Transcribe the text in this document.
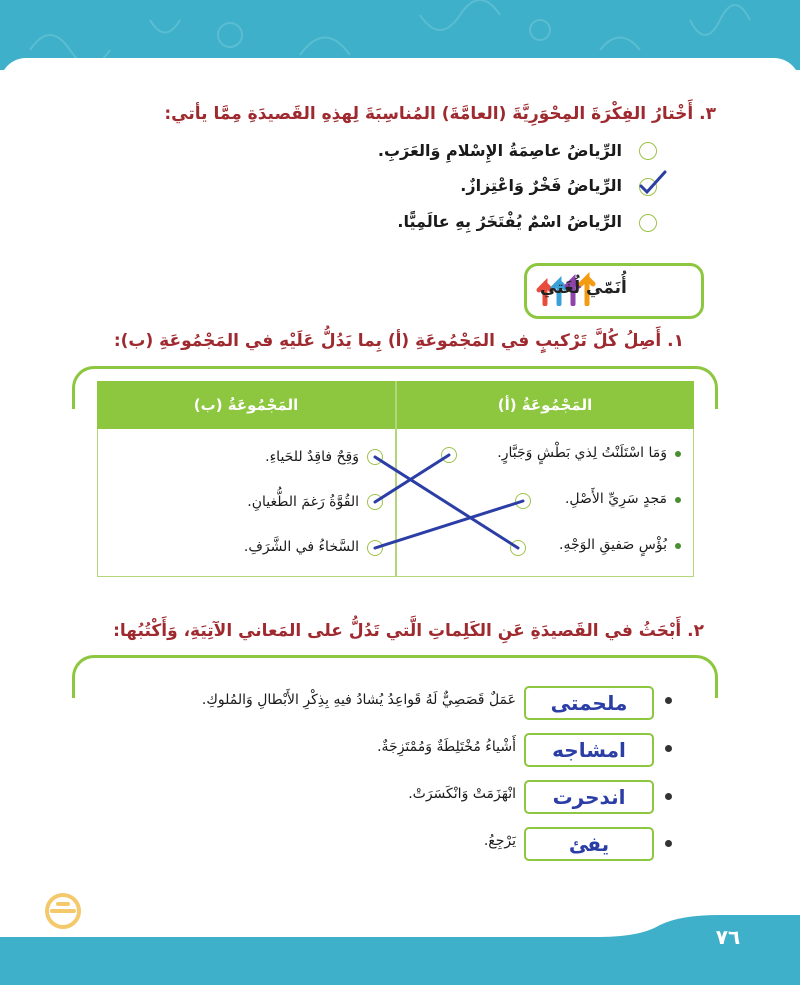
٣. أَخْتارُ الفِكْرَةَ المِحْوَرِيَّةَ (العامَّةَ) المُناسِبَةَ لِهذِهِ القَصيدَةِ مِمَّا يأتي:
الرِّياضُ عاصِمَةُ الإِسْلامِ وَالعَرَبِ.
الرِّياضُ فَخْرٌ وَاعْتِزازٌ.
الرِّياضُ اسْمٌ يُفْتَخَرُ بِهِ عالَمِيًّا.
أُنَمّي لُغَتي
١. أَصِلُ كُلَّ تَرْكيبٍ في المَجْمُوعَةِ (أ) بِما يَدُلُّ عَلَيْهِ في المَجْمُوعَةِ (ب):
المَجْمُوعَةُ (أ)
المَجْمُوعَةُ (ب)
وَمَا اسْتَلَنْتُ لِذي بَطْشٍ وَجَبَّارٍ.
مَجدٍ سَرِيِّ الأَصْلِ.
بُؤْسٍ صَفيقِ الوَجْهِ.
وَقِحٌ فاقِدٌ للحَياءِ.
القُوَّةُ رَغمَ الطُّغيانِ.
السَّخاءُ في الشَّرَفِ.
٢. أَبْحَثُ في القَصيدَةِ عَنِ الكَلِماتِ الَّتي تَدُلُّ على المَعاني الآتِيَةِ، وَأَكْتُبُها:
ملحمتى
عَمَلٌ قَصَصِيٌّ لَهُ قَواعِدُ يُشادُ فيهِ بِذِكْرِ الأَبْطالِ وَالمُلوكِ.
امشاجه
أَشْياءُ مُخْتَلِطَةٌ وَمُمْتَزِجَةٌ.
اندحرت
انْهَزَمَتْ وَانْكَسَرَتْ.
يفئ
يَرْجِعُ.
٧٦
